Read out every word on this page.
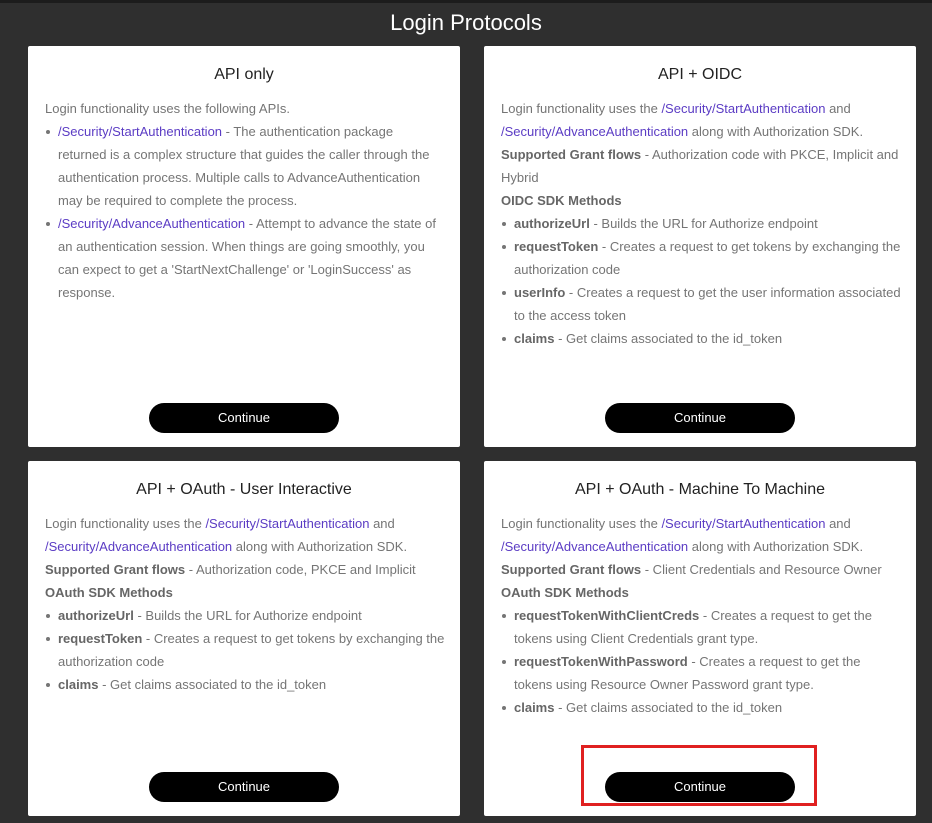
Login Protocols
API only

Login functionality uses the following APIs.

/Security/StartAuthentication - The authentication package returned is a complex structure that guides the caller through the authentication process. Multiple calls to AdvanceAuthentication may be required to complete the process.
/Security/AdvanceAuthentication - Attempt to advance the state of an authentication session. When things are going smoothly, you can expect to get a 'StartNextChallenge' or 'LoginSuccess' as response.
Continue
API + OIDC

Login functionality uses the /Security/StartAuthentication and /Security/AdvanceAuthentication along with Authorization SDK.

Supported Grant flows - Authorization code with PKCE, Implicit and Hybrid

OIDC SDK Methods

authorizeUrl - Builds the URL for Authorize endpoint
requestToken - Creates a request to get tokens by exchanging the authorization code
userInfo - Creates a request to get the user information associated to the access token
claims - Get claims associated to the id_token
Continue
API + OAuth - User Interactive

Login functionality uses the /Security/StartAuthentication and /Security/AdvanceAuthentication along with Authorization SDK.

Supported Grant flows - Authorization code, PKCE and Implicit

OAuth SDK Methods

authorizeUrl - Builds the URL for Authorize endpoint
requestToken - Creates a request to get tokens by exchanging the authorization code
claims - Get claims associated to the id_token
Continue
API + OAuth - Machine To Machine

Login functionality uses the /Security/StartAuthentication and /Security/AdvanceAuthentication along with Authorization SDK.

Supported Grant flows - Client Credentials and Resource Owner

OAuth SDK Methods

requestTokenWithClientCreds - Creates a request to get the tokens using Client Credentials grant type.
requestTokenWithPassword - Creates a request to get the tokens using Resource Owner Password grant type.
claims - Get claims associated to the id_token
Continue
